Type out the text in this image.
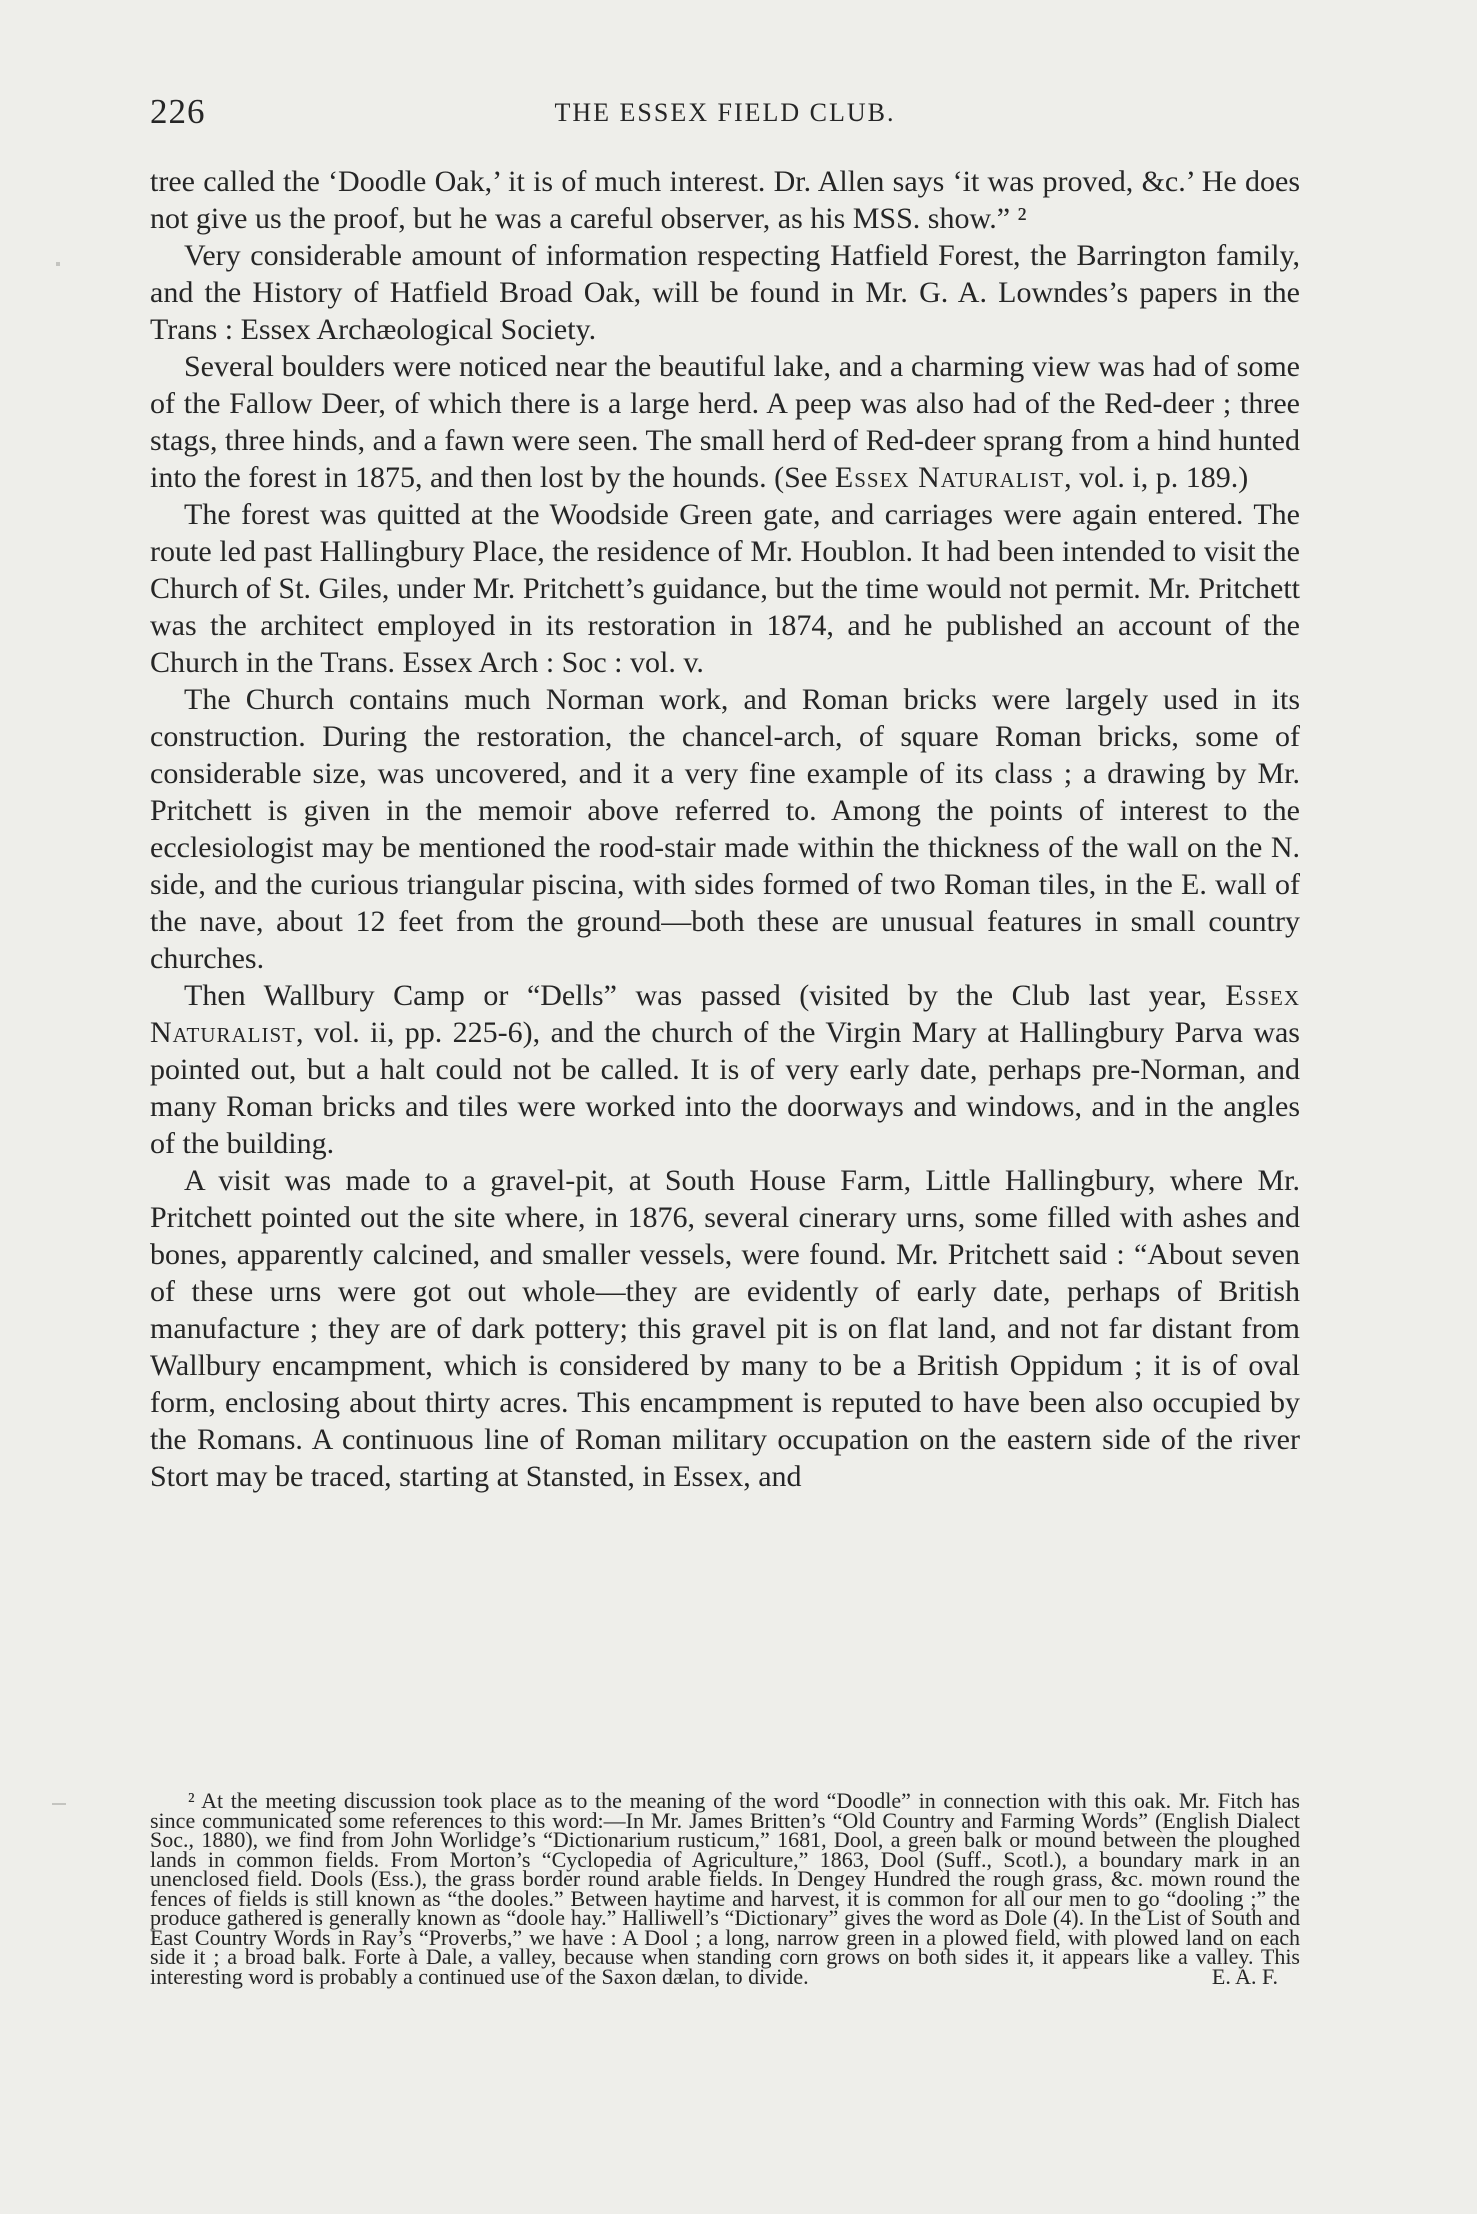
226	THE ESSEX FIELD CLUB.

tree called the ‘Doodle Oak,’ it is of much interest. Dr. Allen says ‘it was proved, &c.’ He does not give us the proof, but he was a careful observer, as his MSS. show.” ²

Very considerable amount of information respecting Hatfield Forest, the Barrington family, and the History of Hatfield Broad Oak, will be found in Mr. G. A. Lowndes’s papers in the Trans : Essex Archæological Society.

Several boulders were noticed near the beautiful lake, and a charming view was had of some of the Fallow Deer, of which there is a large herd. A peep was also had of the Red-deer ; three stags, three hinds, and a fawn were seen. The small herd of Red-deer sprang from a hind hunted into the forest in 1875, and then lost by the hounds. (See Essex Naturalist, vol. i, p. 189.)

The forest was quitted at the Woodside Green gate, and carriages were again entered. The route led past Hallingbury Place, the residence of Mr. Houblon. It had been intended to visit the Church of St. Giles, under Mr. Pritchett’s guidance, but the time would not permit. Mr. Pritchett was the architect employed in its restoration in 1874, and he published an account of the Church in the Trans. Essex Arch : Soc : vol. v.

The Church contains much Norman work, and Roman bricks were largely used in its construction. During the restoration, the chancel-arch, of square Roman bricks, some of considerable size, was uncovered, and it a very fine example of its class ; a drawing by Mr. Pritchett is given in the memoir above referred to. Among the points of interest to the ecclesiologist may be mentioned the rood-stair made within the thickness of the wall on the N. side, and the curious triangular piscina, with sides formed of two Roman tiles, in the E. wall of the nave, about 12 feet from the ground—both these are unusual features in small country churches.

Then Wallbury Camp or “Dells” was passed (visited by the Club last year, Essex Naturalist, vol. ii, pp. 225-6), and the church of the Virgin Mary at Hallingbury Parva was pointed out, but a halt could not be called. It is of very early date, perhaps pre-Norman, and many Roman bricks and tiles were worked into the doorways and windows, and in the angles of the building.

A visit was made to a gravel-pit, at South House Farm, Little Hallingbury, where Mr. Pritchett pointed out the site where, in 1876, several cinerary urns, some filled with ashes and bones, apparently calcined, and smaller vessels, were found. Mr. Pritchett said : “About seven of these urns were got out whole—they are evidently of early date, perhaps of British manufacture ; they are of dark pottery; this gravel pit is on flat land, and not far distant from Wallbury encampment, which is considered by many to be a British Oppidum ; it is of oval form, enclosing about thirty acres. This encampment is reputed to have been also occupied by the Romans. A continuous line of Roman military occupation on the eastern side of the river Stort may be traced, starting at Stansted, in Essex, and

² At the meeting discussion took place as to the meaning of the word “Doodle” in connection with this oak. Mr. Fitch has since communicated some references to this word:—In Mr. James Britten’s “Old Country and Farming Words” (English Dialect Soc., 1880), we find from John Worlidge’s “Dictionarium rusticum,” 1681, Dool, a green balk or mound between the ploughed lands in common fields. From Morton’s “Cyclopedia of Agriculture,” 1863, Dool (Suff., Scotl.), a boundary mark in an unenclosed field. Dools (Ess.), the grass border round arable fields. In Dengey Hundred the rough grass, &c. mown round the fences of fields is still known as “the dooles.” Between haytime and harvest, it is common for all our men to go “dooling ;” the produce gathered is generally known as “doole hay.” Halliwell’s “Dictionary” gives the word as Dole (4). In the List of South and East Country Words in Ray’s “Proverbs,” we have : A Dool ; a long, narrow green in a plowed field, with plowed land on each side it ; a broad balk. Forte à Dale, a valley, because when standing corn grows on both sides it, it appears like a valley. This interesting word is probably a continued use of the Saxon dælan, to divide.	E. A. F.
